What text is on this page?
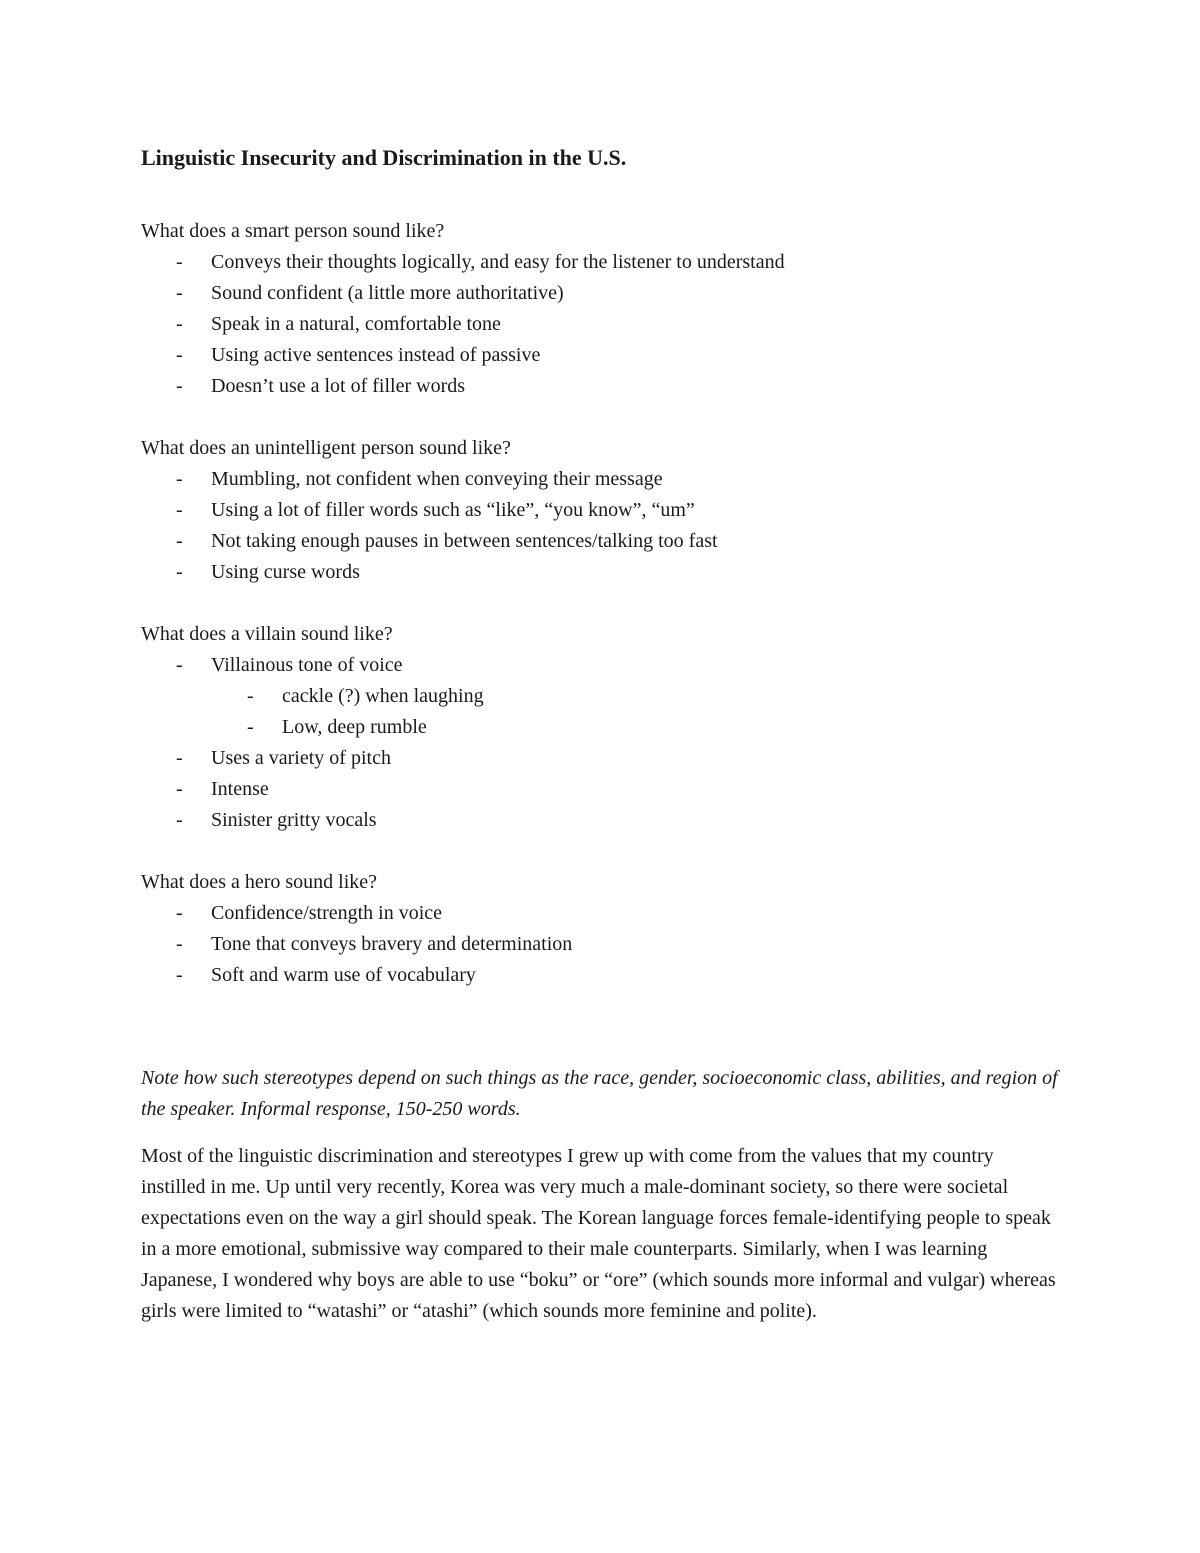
Linguistic Insecurity and Discrimination in the U.S.
What does a smart person sound like?
- Conveys their thoughts logically, and easy for the listener to understand
- Sound confident (a little more authoritative)
- Speak in a natural, comfortable tone
- Using active sentences instead of passive
- Doesn’t use a lot of filler words
What does an unintelligent person sound like?
- Mumbling, not confident when conveying their message
- Using a lot of filler words such as “like”, “you know”, “um”
- Not taking enough pauses in between sentences/talking too fast
- Using curse words
What does a villain sound like?
- Villainous tone of voice
- cackle (?) when laughing
- Low, deep rumble
- Uses a variety of pitch
- Intense
- Sinister gritty vocals
What does a hero sound like?
- Confidence/strength in voice
- Tone that conveys bravery and determination
- Soft and warm use of vocabulary
Note how such stereotypes depend on such things as the race, gender, socioeconomic class, abilities, and region of the speaker. Informal response, 150-250 words.
Most of the linguistic discrimination and stereotypes I grew up with come from the values that my country instilled in me. Up until very recently, Korea was very much a male-dominant society, so there were societal expectations even on the way a girl should speak. The Korean language forces female-identifying people to speak in a more emotional, submissive way compared to their male counterparts. Similarly, when I was learning Japanese, I wondered why boys are able to use “boku” or “ore” (which sounds more informal and vulgar) whereas girls were limited to “watashi” or “atashi” (which sounds more feminine and polite).
